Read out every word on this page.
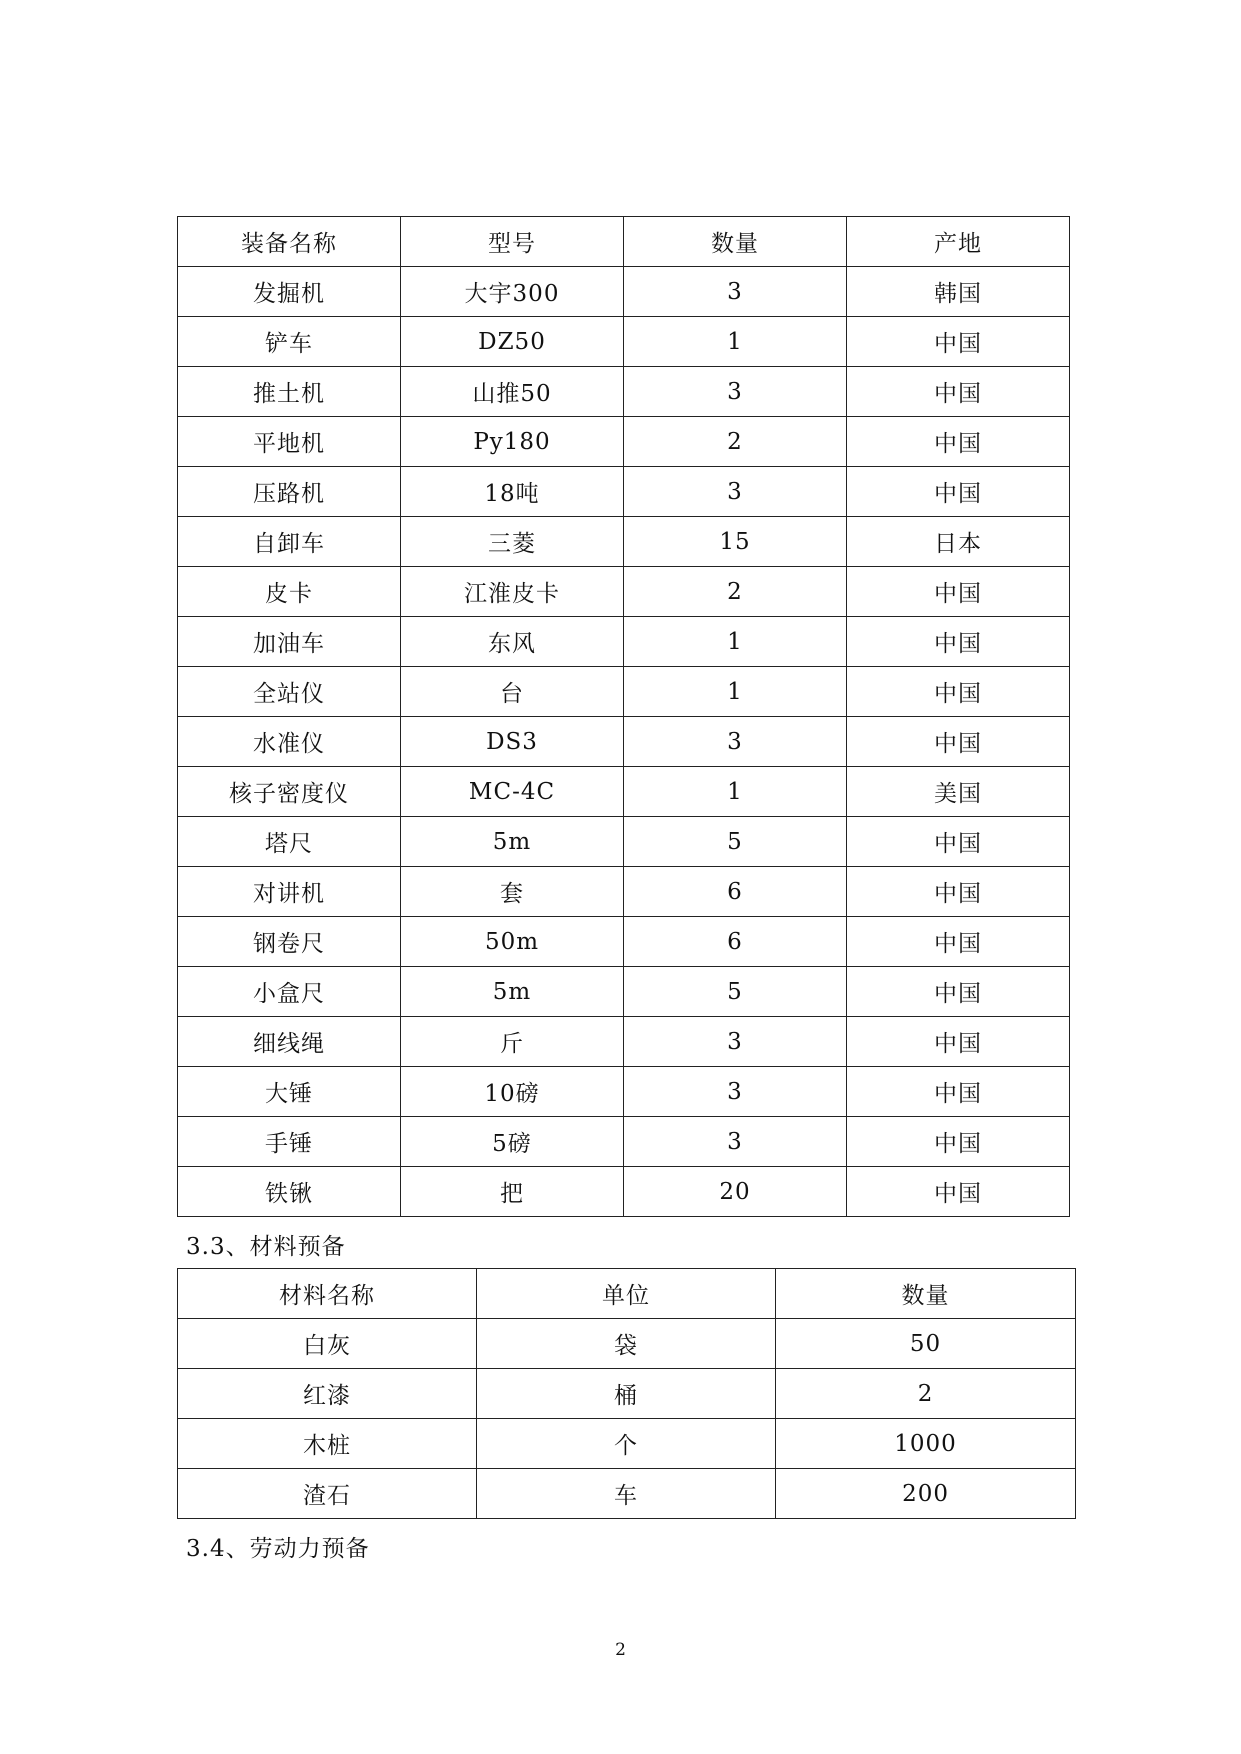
装备名称	型号	数量	产地
发掘机	大宇300	3	韩国
铲车	DZ50	1	中国
推土机	山推50	3	中国
平地机	Py180	2	中国
压路机	18吨	3	中国
自卸车	三菱	15	日本
皮卡	江淮皮卡	2	中国
加油车	东风	1	中国
全站仪	台	1	中国
水准仪	DS3	3	中国
核子密度仪	MC-4C	1	美国
塔尺	5m	5	中国
对讲机	套	6	中国
钢卷尺	50m	6	中国
小盒尺	5m	5	中国
细线绳	斤	3	中国
大锤	10磅	3	中国
手锤	5磅	3	中国
铁锹	把	20	中国
3.3、材料预备
材料名称	单位	数量
白灰	袋	50
红漆	桶	2
木桩	个	1000
渣石	车	200
3.4、劳动力预备
2
